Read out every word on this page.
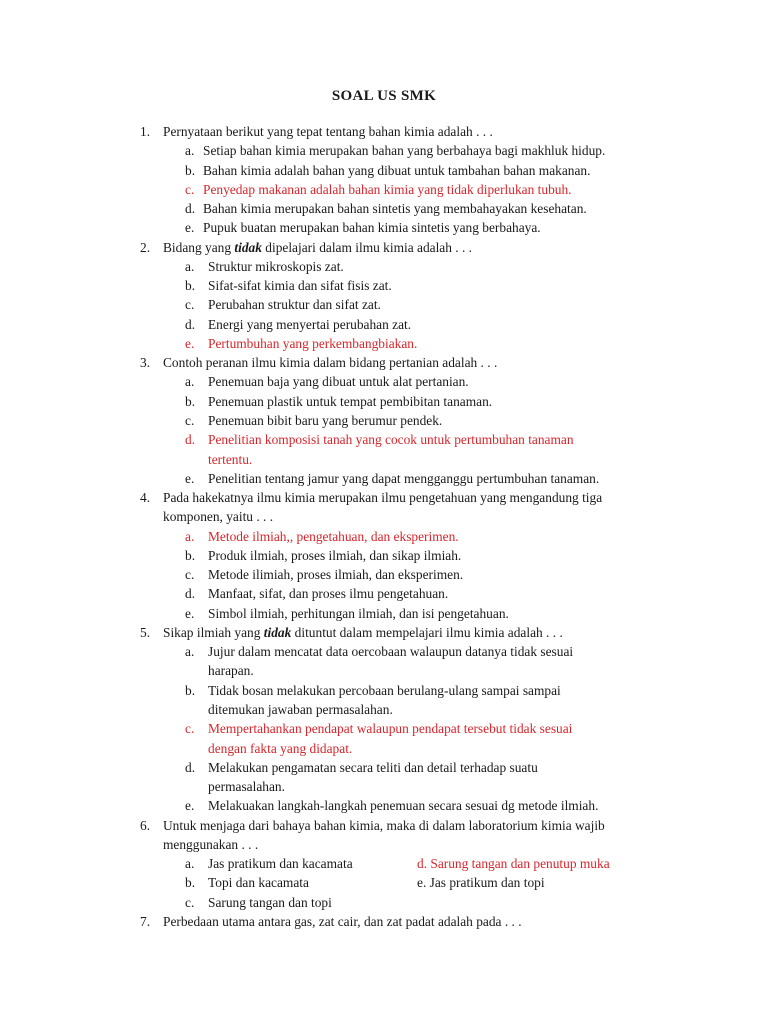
SOAL US SMK
1. Pernyataan berikut yang tepat tentang bahan kimia adalah . . .
a. Setiap bahan kimia merupakan bahan yang berbahaya bagi makhluk hidup.
b. Bahan kimia adalah bahan yang dibuat untuk tambahan bahan makanan.
c. Penyedap makanan adalah bahan kimia yang tidak diperlukan tubuh.
d. Bahan kimia merupakan bahan sintetis yang membahayakan kesehatan.
e. Pupuk buatan merupakan bahan kimia sintetis yang berbahaya.
2. Bidang yang tidak dipelajari dalam ilmu kimia adalah . . .
a. Struktur mikroskopis zat.
b. Sifat-sifat kimia dan sifat fisis zat.
c. Perubahan struktur dan sifat zat.
d. Energi yang menyertai perubahan zat.
e. Pertumbuhan yang perkembangbiakan.
3. Contoh peranan ilmu kimia dalam bidang pertanian adalah . . .
a. Penemuan baja yang dibuat untuk alat pertanian.
b. Penemuan plastik untuk tempat pembibitan tanaman.
c. Penemuan bibit baru yang berumur pendek.
d. Penelitian komposisi tanah yang cocok untuk pertumbuhan tanaman
tertentu.
e. Penelitian tentang jamur yang dapat mengganggu pertumbuhan tanaman.
4. Pada hakekatnya ilmu kimia merupakan ilmu pengetahuan yang mengandung tiga
komponen, yaitu . . .
a. Metode ilmiah,, pengetahuan, dan eksperimen.
b. Produk ilmiah, proses ilmiah, dan sikap ilmiah.
c. Metode ilimiah, proses ilmiah, dan eksperimen.
d. Manfaat, sifat, dan proses ilmu pengetahuan.
e. Simbol ilmiah, perhitungan ilmiah, dan isi pengetahuan.
5. Sikap ilmiah yang tidak dituntut dalam mempelajari ilmu kimia adalah . . .
a. Jujur dalam mencatat data oercobaan walaupun datanya tidak sesuai
harapan.
b. Tidak bosan melakukan percobaan berulang-ulang sampai sampai
ditemukan jawaban permasalahan.
c. Mempertahankan pendapat walaupun pendapat tersebut tidak sesuai
dengan fakta yang didapat.
d. Melakukan pengamatan secara teliti dan detail terhadap suatu
permasalahan.
e. Melakuakan langkah-langkah penemuan secara sesuai dg metode ilmiah.
6. Untuk menjaga dari bahaya bahan kimia, maka di dalam laboratorium kimia wajib
menggunakan . . .
a. Jas pratikum dan kacamata	d. Sarung tangan dan penutup muka
b. Topi dan kacamata	e. Jas pratikum dan topi
c. Sarung tangan dan topi
7. Perbedaan utama antara gas, zat cair, dan zat padat adalah pada . . .
